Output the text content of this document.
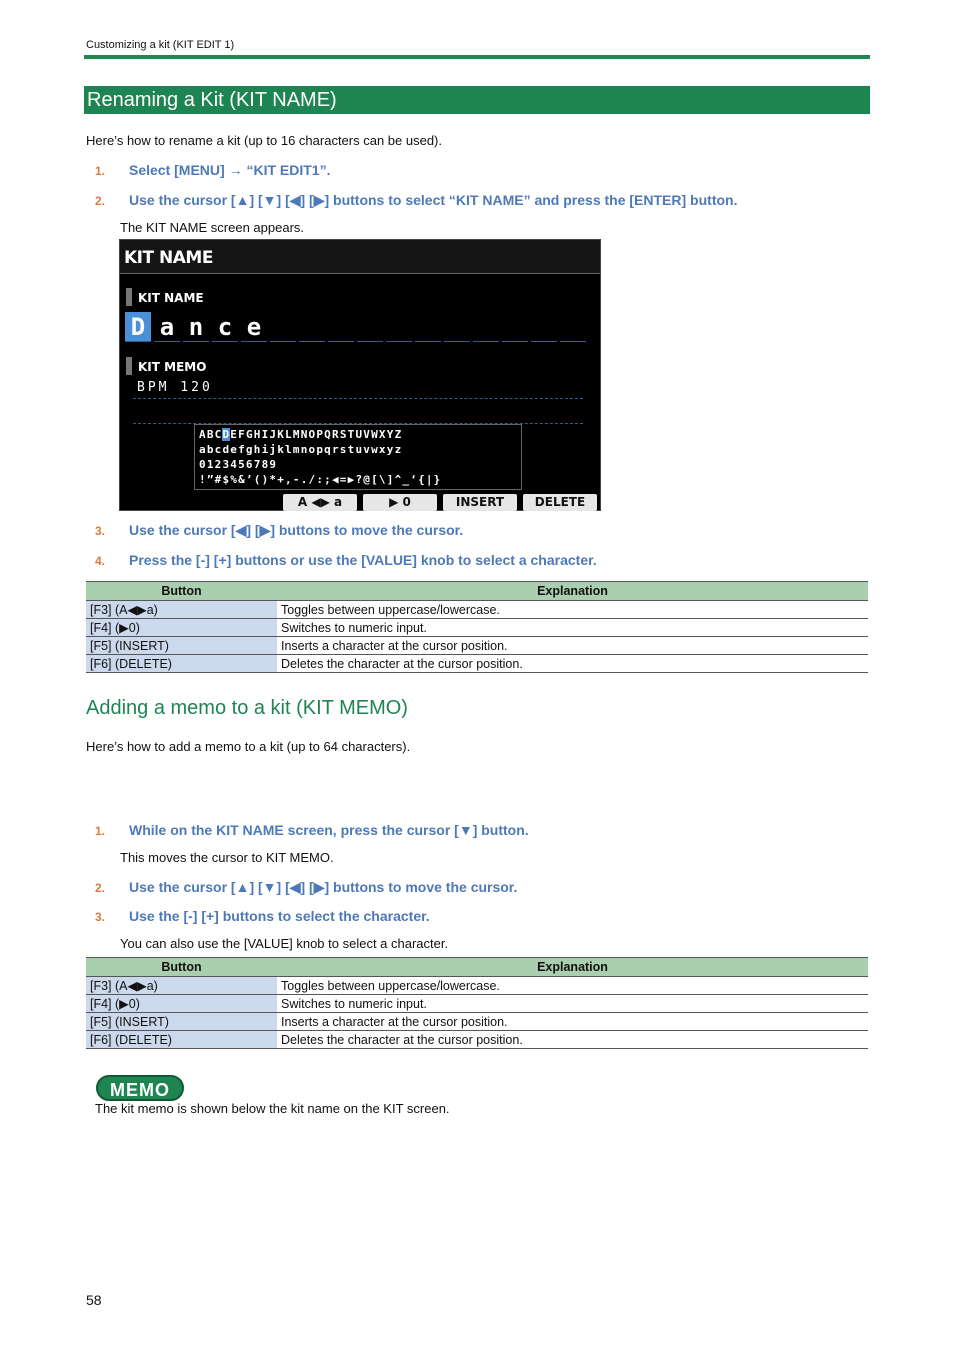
Customizing a kit (KIT EDIT 1)
Renaming a Kit (KIT NAME)
Here’s how to rename a kit (up to 16 characters can be used).
1. Select [MENU] → “KIT EDIT1”.
2. Use the cursor [▲] [▼] [◀] [▶] buttons to select “KIT NAME” and press the [ENTER] button.
The KIT NAME screen appears.
KIT NAME
KIT NAME
D a n c e
KIT MEMO
BPM 120
ABCDEFGHIJKLMNOPQRSTUVWXYZ
abcdefghijklmnopqrstuvwxyz
0123456789
!”#$%&’()*+,-./:;◀=▶?@[\]^_‘{|}
A ◀▶ a	▶ 0	INSERT	DELETE
3. Use the cursor [◀] [▶] buttons to move the cursor.
4. Press the [-] [+] buttons or use the [VALUE] knob to select a character.
Button	Explanation
[F3] (A◀▶a)	Toggles between uppercase/lowercase.
[F4] (▶0)	Switches to numeric input.
[F5] (INSERT)	Inserts a character at the cursor position.
[F6] (DELETE)	Deletes the character at the cursor position.
Adding a memo to a kit (KIT MEMO)
Here’s how to add a memo to a kit (up to 64 characters).
1. While on the KIT NAME screen, press the cursor [▼] button.
This moves the cursor to KIT MEMO.
2. Use the cursor [▲] [▼] [◀] [▶] buttons to move the cursor.
3. Use the [-] [+] buttons to select the character.
You can also use the [VALUE] knob to select a character.
Button	Explanation
[F3] (A◀▶a)	Toggles between uppercase/lowercase.
[F4] (▶0)	Switches to numeric input.
[F5] (INSERT)	Inserts a character at the cursor position.
[F6] (DELETE)	Deletes the character at the cursor position.
MEMO
The kit memo is shown below the kit name on the KIT screen.
58
